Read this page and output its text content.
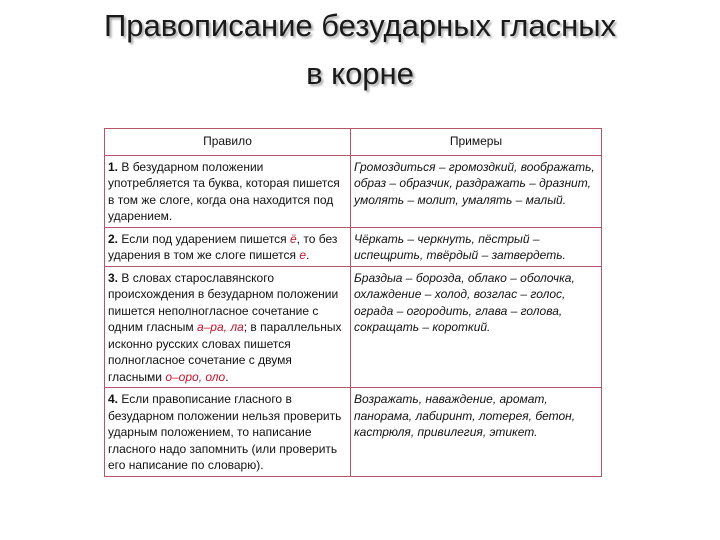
Правописание безударных гласных
в корне
Правило	Примеры
1. В безударном положении употребляется та буква, которая пишется в том же слоге, когда она находится под ударением.	Громоздиться – громоздкий, воображать, образ – образчик, раздражать – дразнит, умолять – молит, умалять – малый.
2. Если под ударением пишется ё, то без ударения в том же слоге пишется е.	Чёркать – черкнуть, пёстрый – испещрить, твёрдый – затвердеть.
3. В словах старославянского происхождения в безударном положении пишется неполногласное сочетание с одним гласным а–ра, ла; в параллельных исконно русских словах пишется полногласное сочетание с двумя гласными о–оро, оло.	Браздыа – борозда, облако – оболочка, охлаждение – холод, возглас – голос, ограда – огородить, глава – голова, сокращать – короткий.
4. Если правописание гласного в безударном положении нельзя проверить ударным положением, то написание гласного надо запомнить (или проверить его написание по словарю).	Возражать, наваждение, аромат, панорама, лабиринт, лотерея, бетон, кастрюля, привилегия, этикет.
